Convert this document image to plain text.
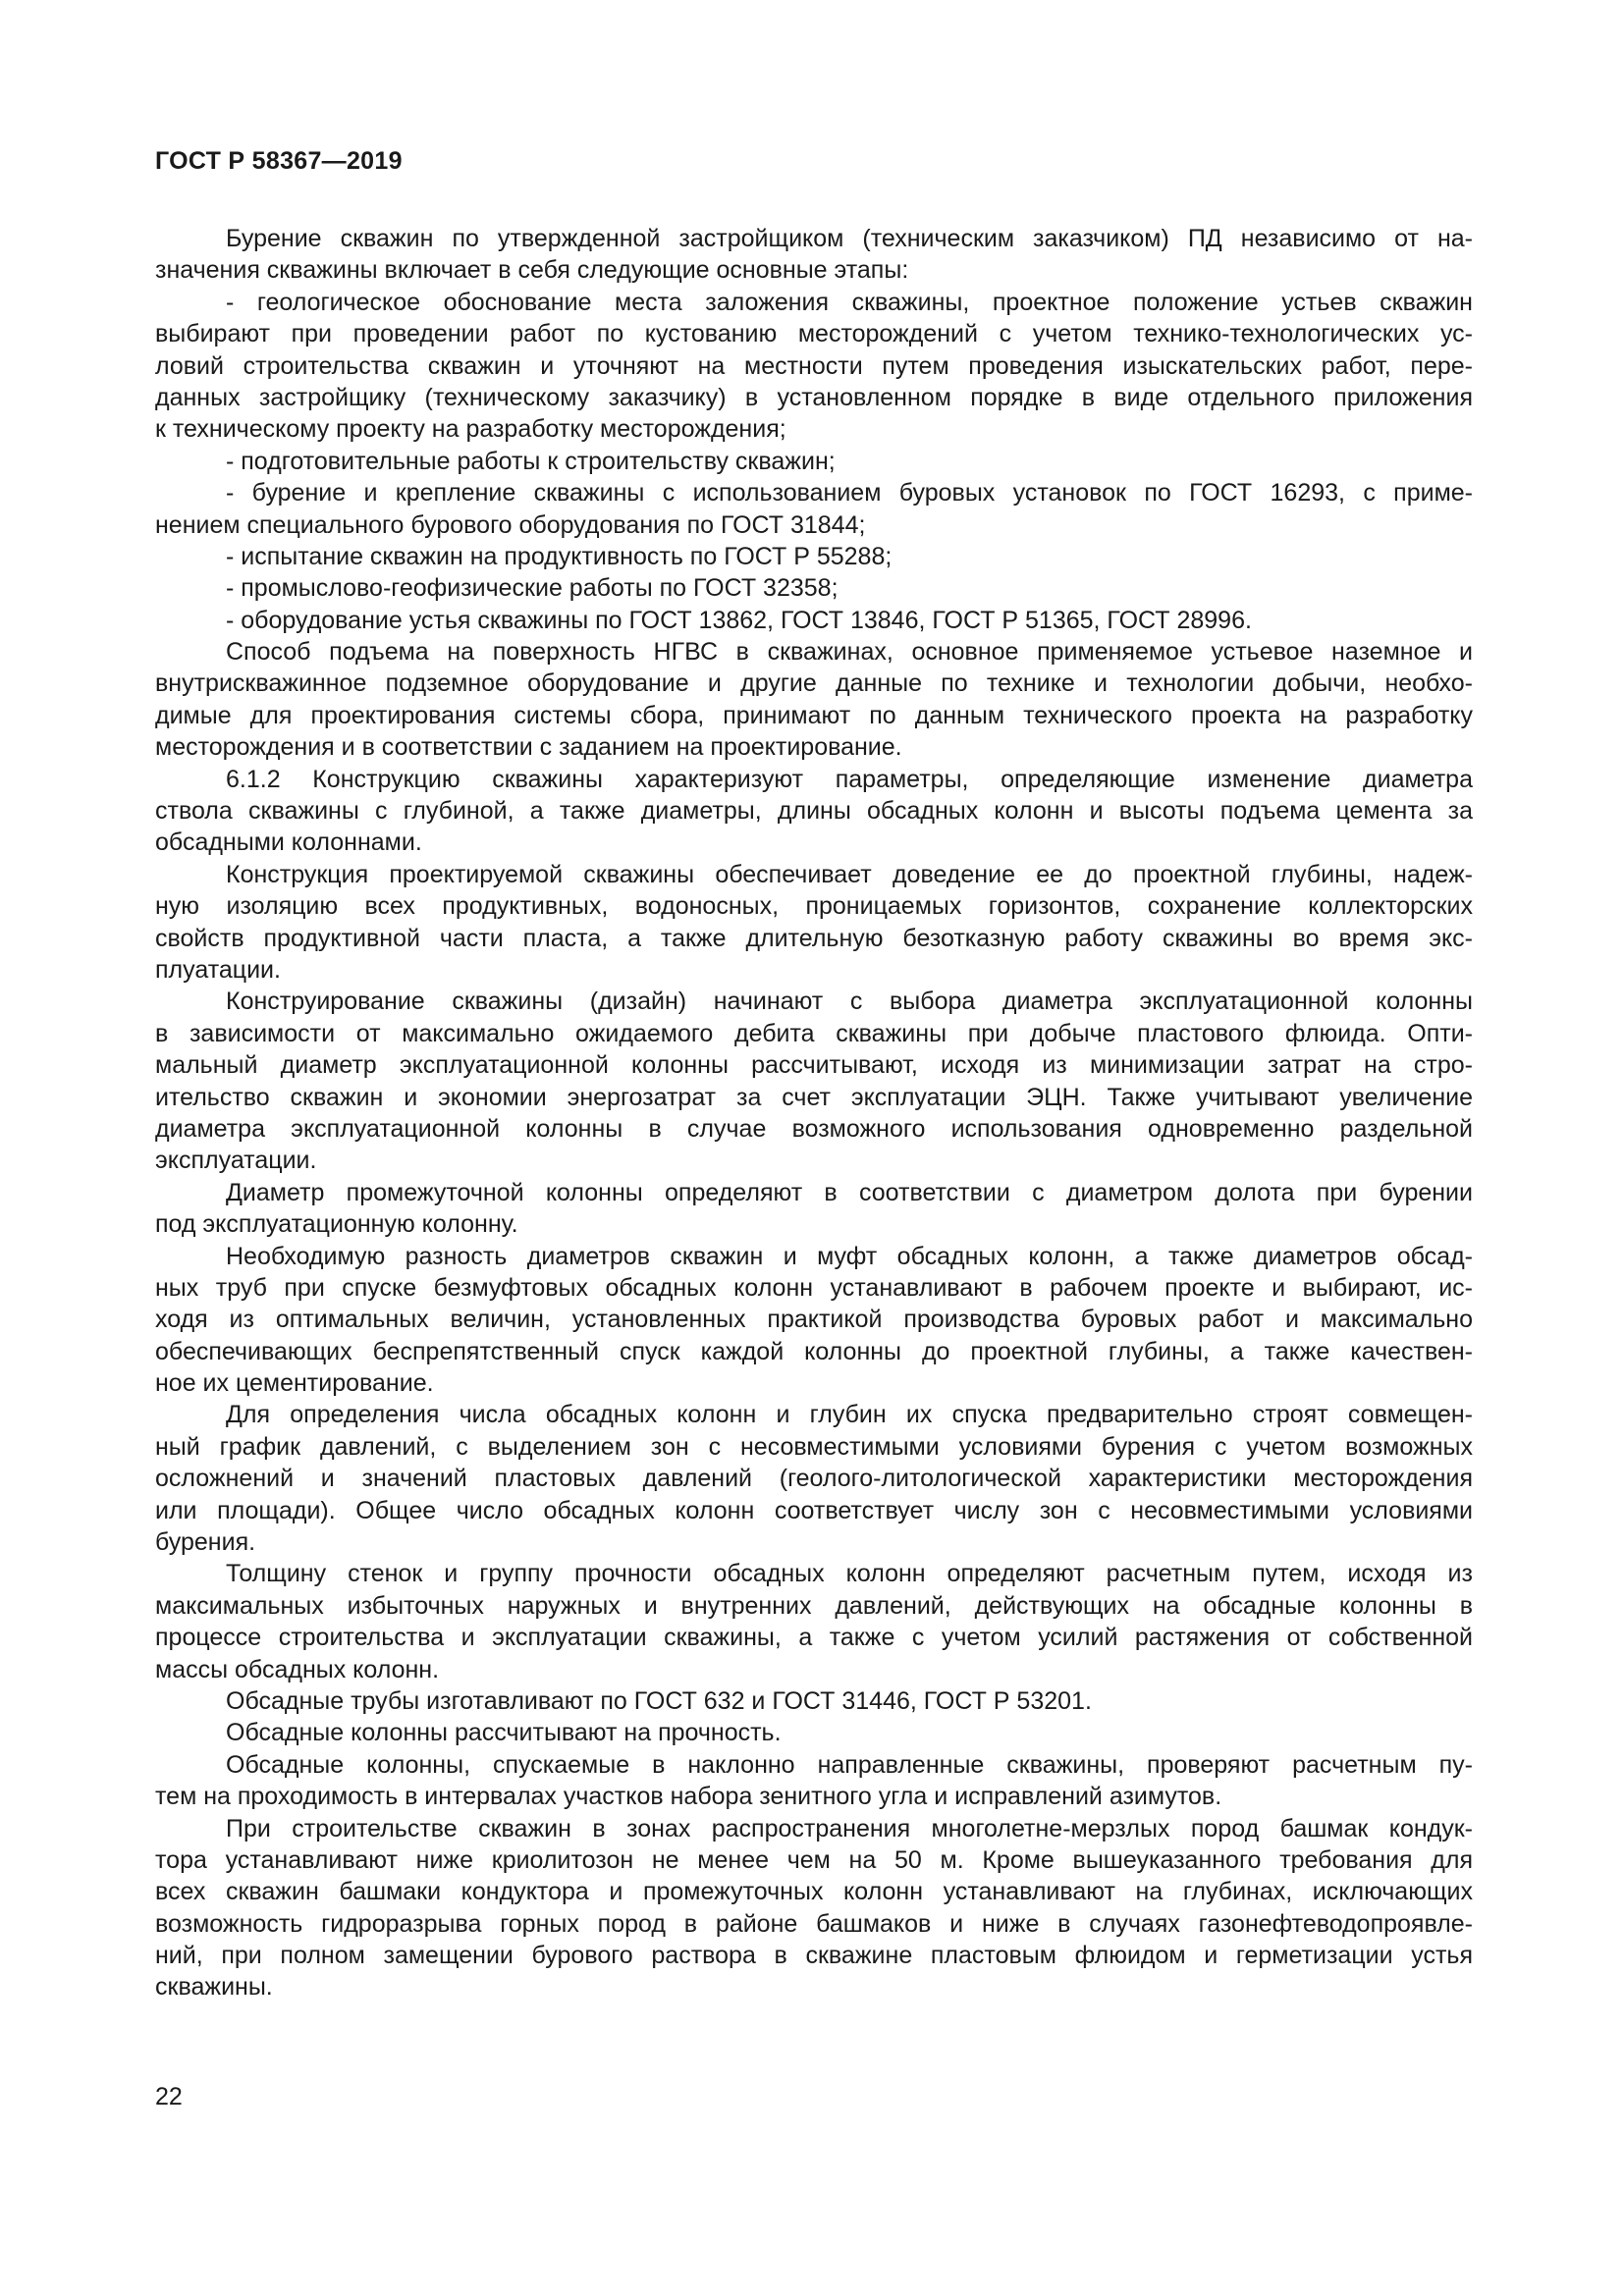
ГОСТ Р 58367—2019
Бурение скважин по утвержденной застройщиком (техническим заказчиком) ПД независимо от на-
значения скважины включает в себя следующие основные этапы:
- геологическое обоснование места заложения скважины, проектное положение устьев скважин
выбирают при проведении работ по кустованию месторождений с учетом технико-технологических ус-
ловий строительства скважин и уточняют на местности путем проведения изыскательских работ, пере-
данных застройщику (техническому заказчику) в установленном порядке в виде отдельного приложения
к техническому проекту на разработку месторождения;
- подготовительные работы к строительству скважин;
- бурение и крепление скважины с использованием буровых установок по ГОСТ 16293, с приме-
нением специального бурового оборудования по ГОСТ 31844;
- испытание скважин на продуктивность по ГОСТ Р 55288;
- промыслово-геофизические работы по ГОСТ 32358;
- оборудование устья скважины по ГОСТ 13862, ГОСТ 13846, ГОСТ Р 51365, ГОСТ 28996.
Способ подъема на поверхность НГВС в скважинах, основное применяемое устьевое наземное и
внутрискважинное подземное оборудование и другие данные по технике и технологии добычи, необхо-
димые для проектирования системы сбора, принимают по данным технического проекта на разработку
месторождения и в соответствии с заданием на проектирование.
6.1.2 Конструкцию скважины характеризуют параметры, определяющие изменение диаметра
ствола скважины с глубиной, а также диаметры, длины обсадных колонн и высоты подъема цемента за
обсадными колоннами.
Конструкция проектируемой скважины обеспечивает доведение ее до проектной глубины, надеж-
ную изоляцию всех продуктивных, водоносных, проницаемых горизонтов, сохранение коллекторских
свойств продуктивной части пласта, а также длительную безотказную работу скважины во время экс-
плуатации.
Конструирование скважины (дизайн) начинают с выбора диаметра эксплуатационной колонны
в зависимости от максимально ожидаемого дебита скважины при добыче пластового флюида. Опти-
мальный диаметр эксплуатационной колонны рассчитывают, исходя из минимизации затрат на стро-
ительство скважин и экономии энергозатрат за счет эксплуатации ЭЦН. Также учитывают увеличение
диаметра эксплуатационной колонны в случае возможного использования одновременно раздельной
эксплуатации.
Диаметр промежуточной колонны определяют в соответствии с диаметром долота при бурении
под эксплуатационную колонну.
Необходимую разность диаметров скважин и муфт обсадных колонн, а также диаметров обсад-
ных труб при спуске безмуфтовых обсадных колонн устанавливают в рабочем проекте и выбирают, ис-
ходя из оптимальных величин, установленных практикой производства буровых работ и максимально
обеспечивающих беспрепятственный спуск каждой колонны до проектной глубины, а также качествен-
ное их цементирование.
Для определения числа обсадных колонн и глубин их спуска предварительно строят совмещен-
ный график давлений, с выделением зон с несовместимыми условиями бурения с учетом возможных
осложнений и значений пластовых давлений (геолого-литологической характеристики месторождения
или площади). Общее число обсадных колонн соответствует числу зон с несовместимыми условиями
бурения.
Толщину стенок и группу прочности обсадных колонн определяют расчетным путем, исходя из
максимальных избыточных наружных и внутренних давлений, действующих на обсадные колонны в
процессе строительства и эксплуатации скважины, а также с учетом усилий растяжения от собственной
массы обсадных колонн.
Обсадные трубы изготавливают по ГОСТ 632 и ГОСТ 31446, ГОСТ Р 53201.
Обсадные колонны рассчитывают на прочность.
Обсадные колонны, спускаемые в наклонно направленные скважины, проверяют расчетным пу-
тем на проходимость в интервалах участков набора зенитного угла и исправлений азимутов.
При строительстве скважин в зонах распространения многолетне-мерзлых пород башмак кондук-
тора устанавливают ниже криолитозон не менее чем на 50 м. Кроме вышеуказанного требования для
всех скважин башмаки кондуктора и промежуточных колонн устанавливают на глубинах, исключающих
возможность гидроразрыва горных пород в районе башмаков и ниже в случаях газонефтеводопроявле-
ний, при полном замещении бурового раствора в скважине пластовым флюидом и герметизации устья
скважины.
22
